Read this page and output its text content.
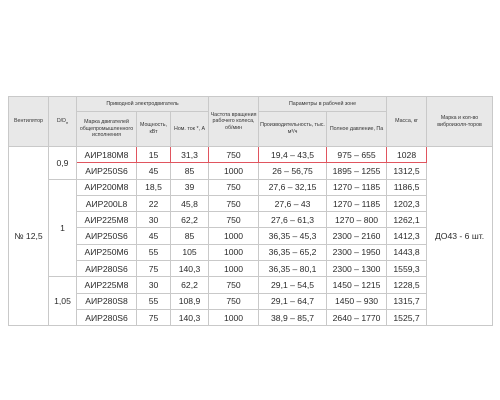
Вентилятор	$D/D_н$	Приводной электродвигатель			Частота вращения рабочего колеса, об/мин	Параметры в рабочей зоне		Масса, кг	Марка и кол-во виброизоля-торов
		Марка двигателей общепромышленного исполнения	Мощность, кВт	Ном. ток *, А		Производительность, тыс. м³/ч	Полное давление, Па		
№ 12,5	0,9	АИР180М8	15	31,3	750	19,4 – 43,5	975 – 655	1028	ДО43 - 6 шт.
		АИР250S6	45	85	1000	26 – 56,75	1895 – 1255	1312,5	
	1	АИР200М8	18,5	39	750	27,6 – 32,15	1270 – 1185	1186,5	
		АИР200L8	22	45,8	750	27,6 – 43	1270 – 1185	1202,3	
		АИР225М8	30	62,2	750	27,6 – 61,3	1270 – 800	1262,1	
		АИР250S6	45	85	1000	36,35 – 45,3	2300 – 2160	1412,3	
		АИР250М6	55	105	1000	36,35 – 65,2	2300 – 1950	1443,8	
		АИР280S6	75	140,3	1000	36,35 – 80,1	2300 – 1300	1559,3	
	1,05	АИР225М8	30	62,2	750	29,1 – 54,5	1450 – 1215	1228,5	
		АИР280S8	55	108,9	750	29,1 – 64,7	1450 – 930	1315,7	
		АИР280S6	75	140,3	1000	38,9 – 85,7	2640 – 1770	1525,7	
